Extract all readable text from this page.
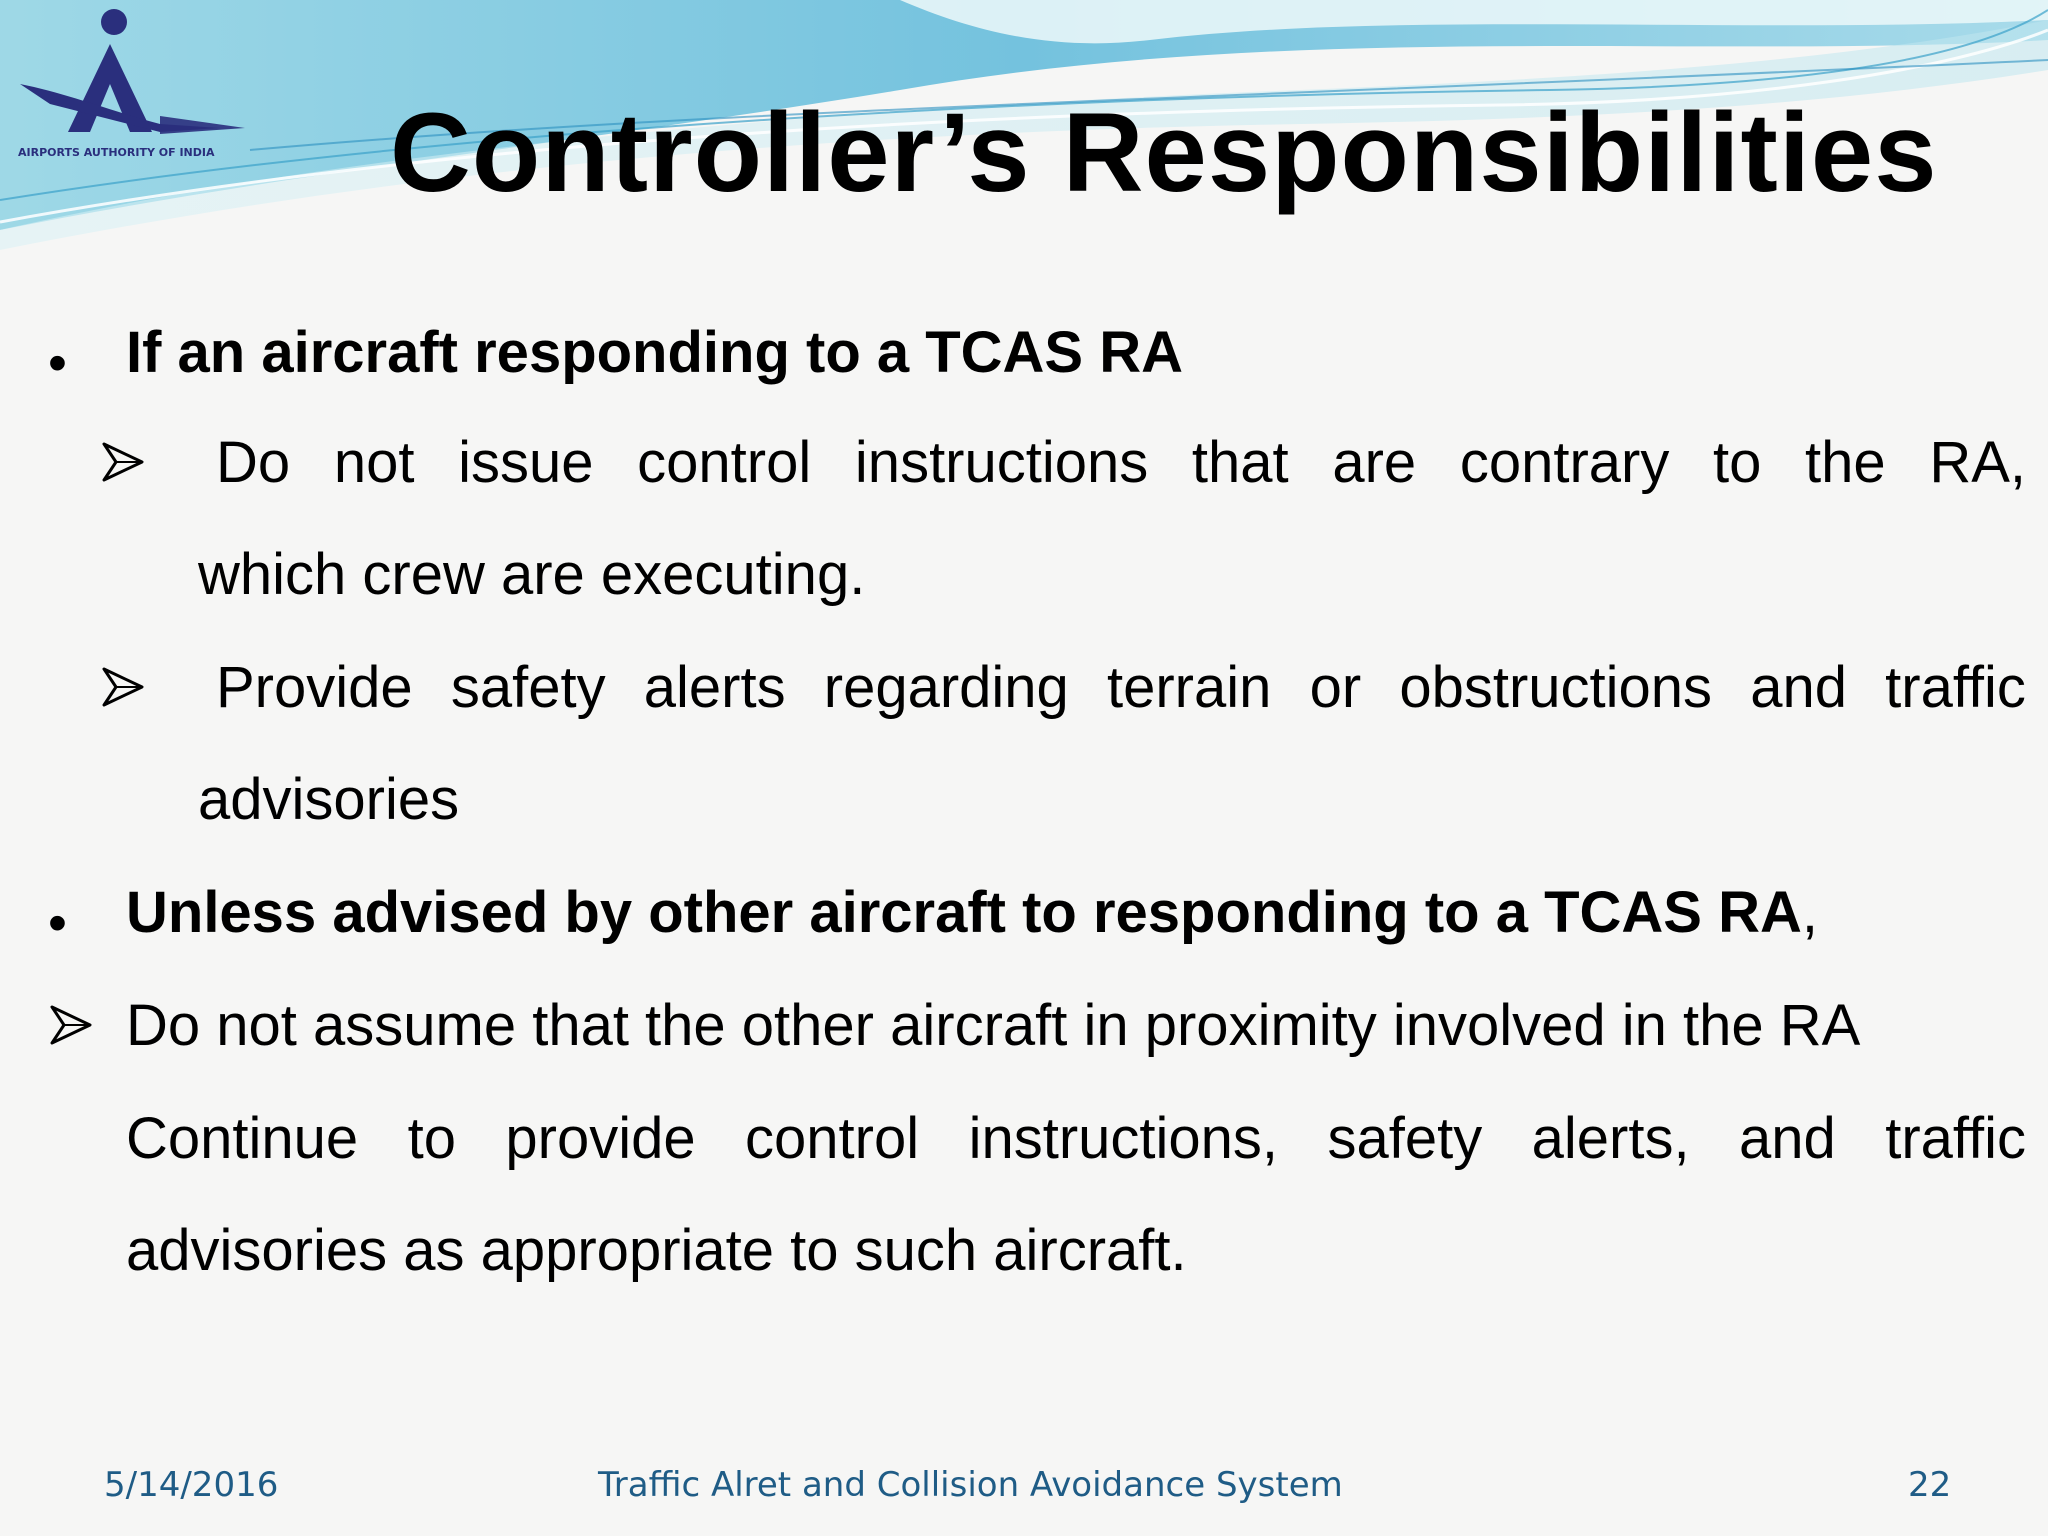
AIRPORTS AUTHORITY OF INDIA Controller’s Responsibilities
• If an aircraft responding to a TCAS RA
Do not issue control instructions that are contrary to the RA,
which crew are executing.
Provide safety alerts regarding terrain or obstructions and traffic
advisories
• Unless advised by other aircraft to responding to a TCAS RA,
Do not assume that the other aircraft in proximity involved in the RA
Continue to provide control instructions, safety alerts, and traffic
advisories as appropriate to such aircraft.
5/14/2016	Traffic Alret and Collision Avoidance System	22
